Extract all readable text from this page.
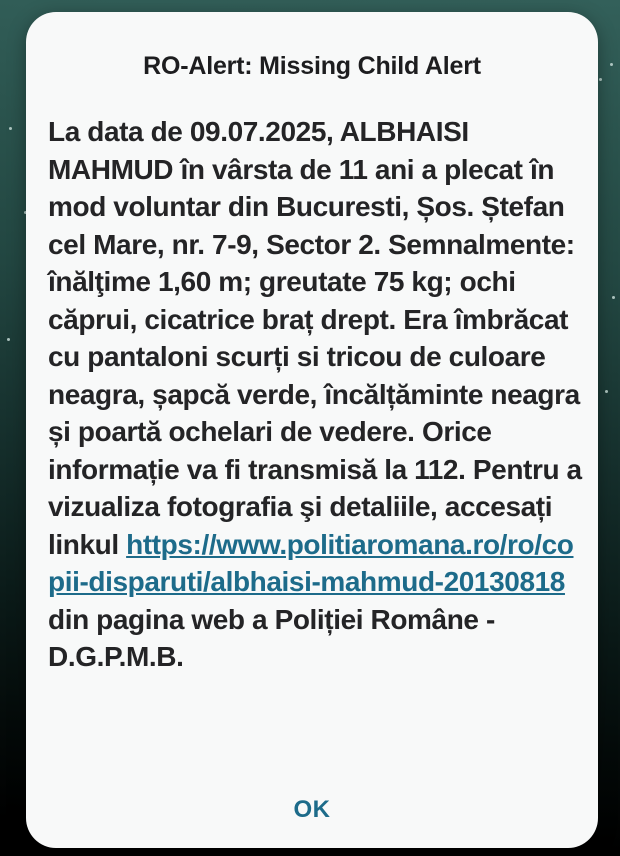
RO-Alert: Missing Child Alert
La data de 09.07.2025, ALBHAISI MAHMUD în vârsta de 11 ani a plecat în mod voluntar din Bucuresti, Șos. Ștefan cel Mare, nr. 7-9, Sector 2. Semnalmente: înălţime 1,60 m; greutate 75 kg; ochi căprui, cicatrice braț drept. Era îmbrăcat cu pantaloni scurți si tricou de culoare neagra, șapcă verde, încălțăminte neagra și poartă ochelari de vedere. Orice informație va fi transmisă la 112. Pentru a vizualiza fotografia şi detaliile, accesați linkul https://www.politiaromana.ro/ro/copii-disparuti/albhaisi-mahmud-20130818 din pagina web a Poliției Române - D.G.P.M.B.
OK
